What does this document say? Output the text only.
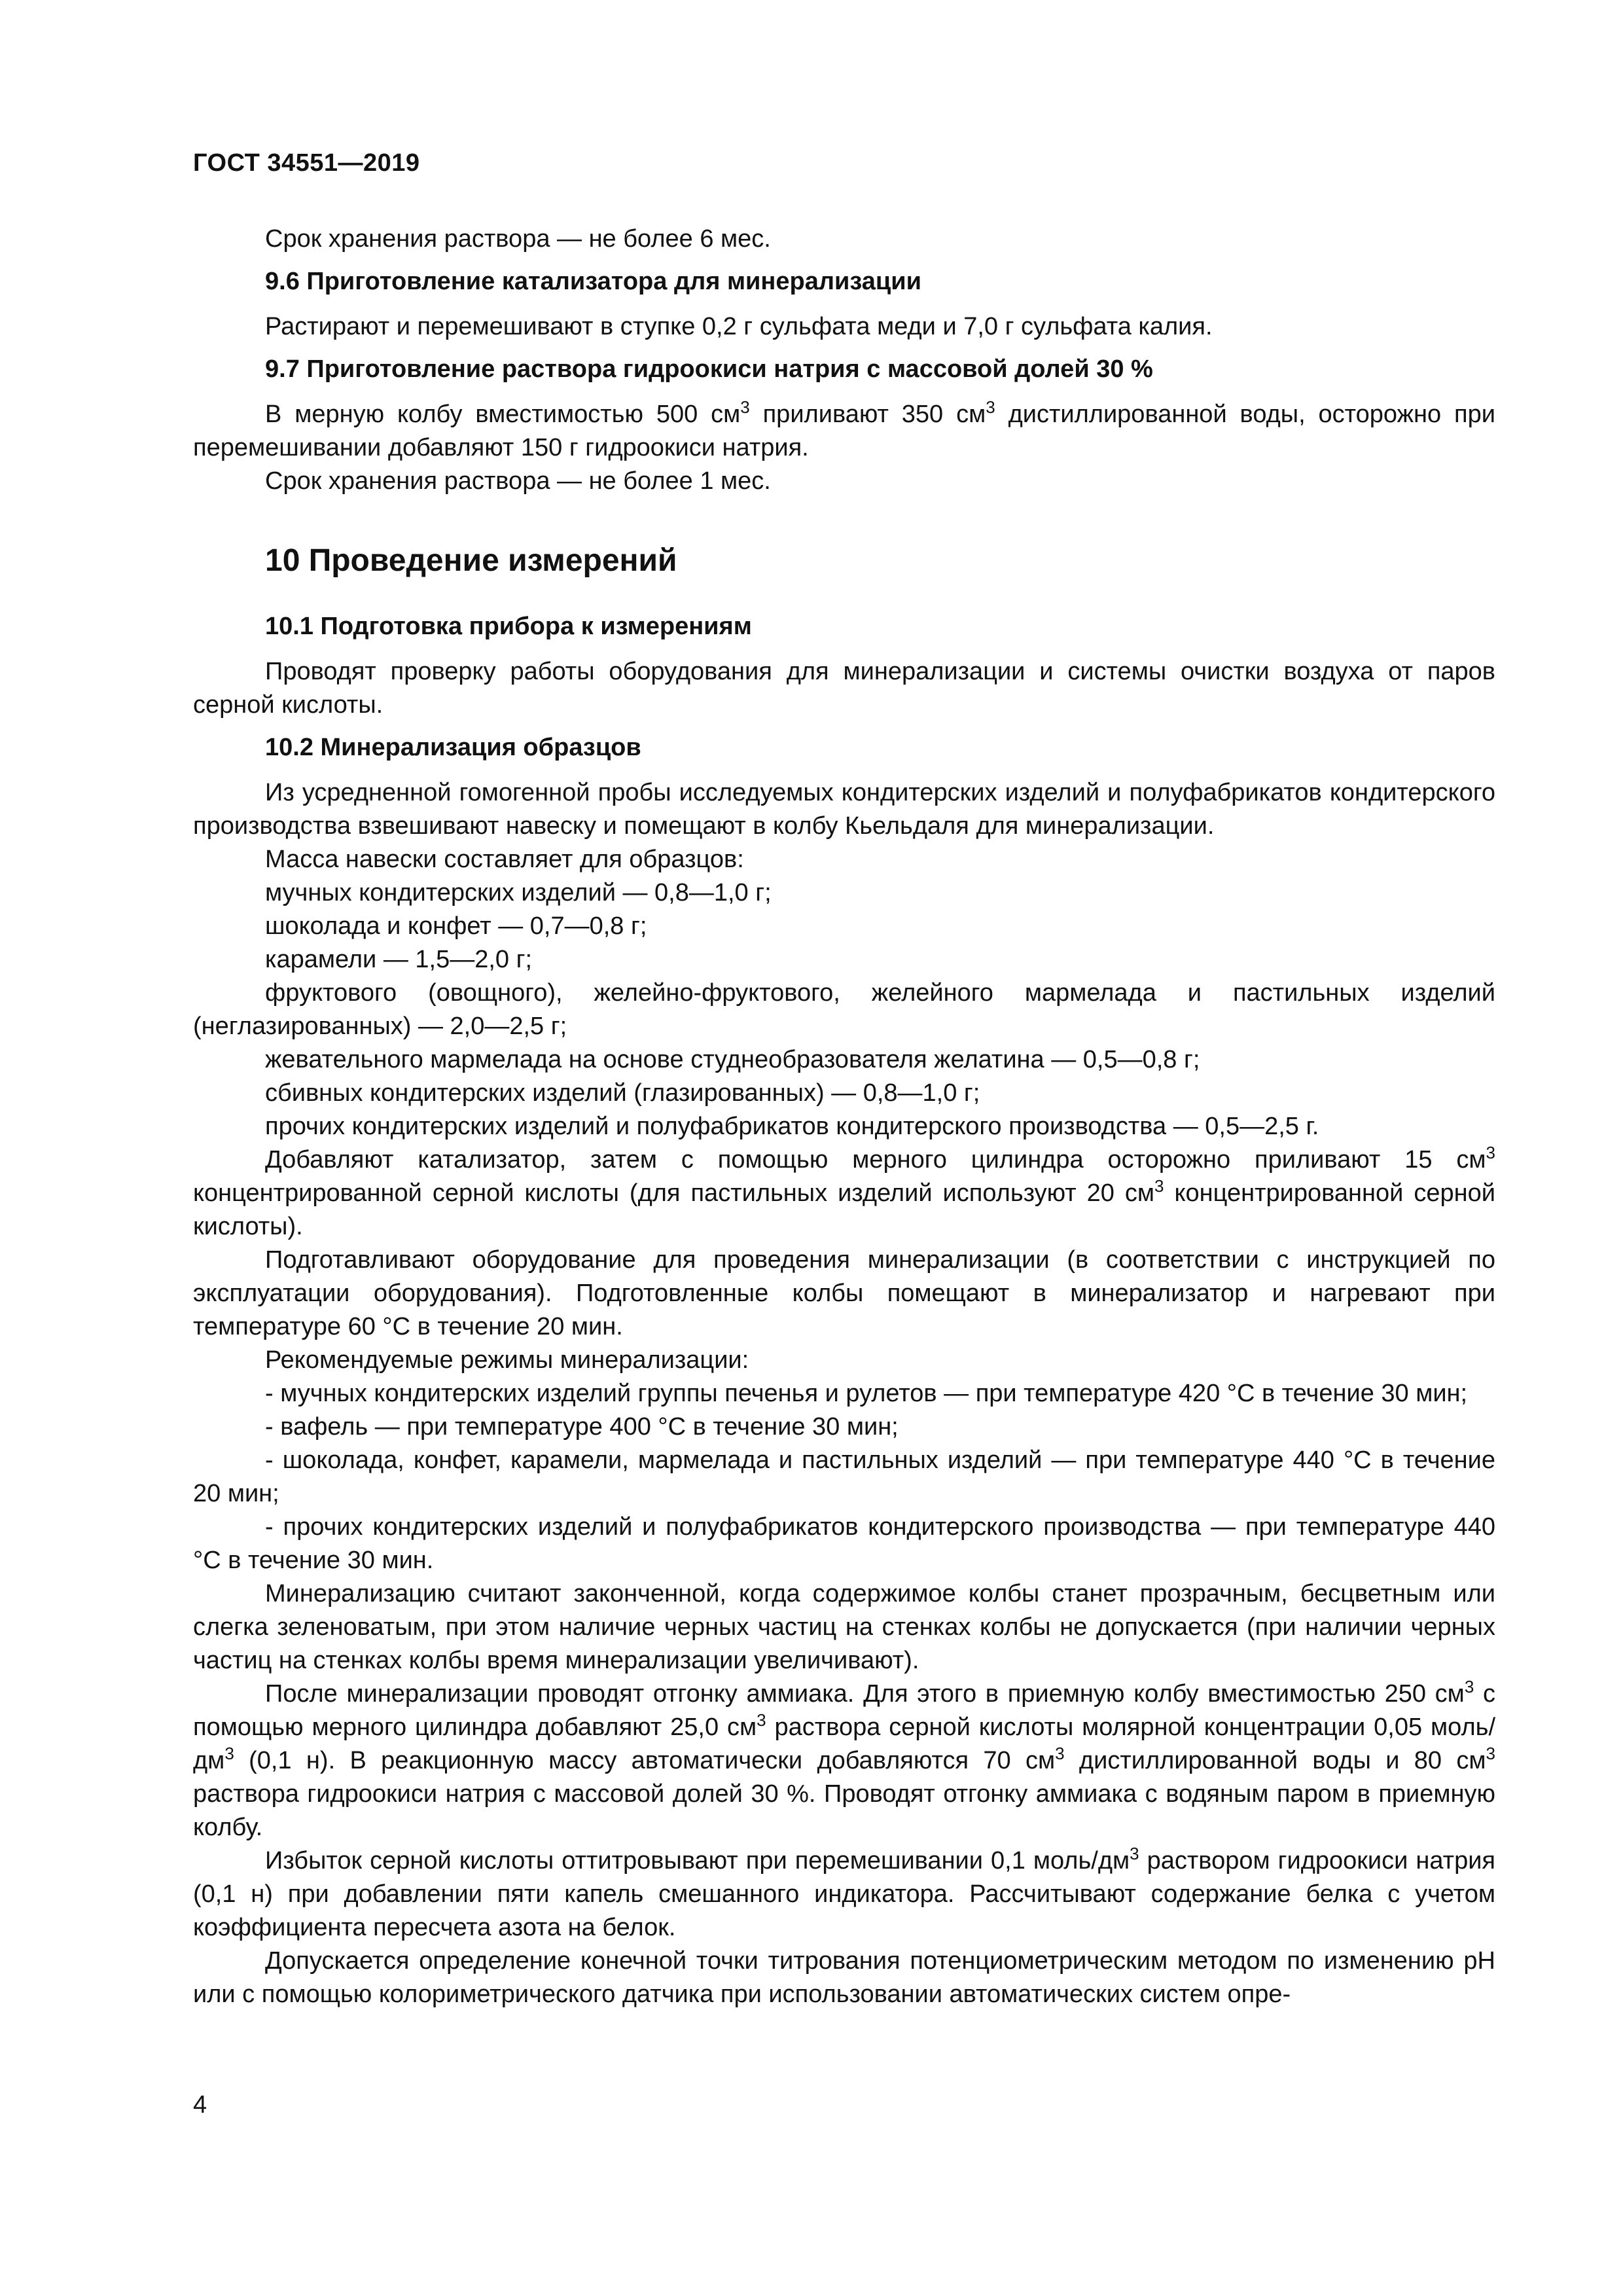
ГОСТ 34551—2019

Срок хранения раствора — не более 6 мес.

9.6 Приготовление катализатора для минерализации

Растирают и перемешивают в ступке 0,2 г сульфата меди и 7,0 г сульфата калия.

9.7 Приготовление раствора гидроокиси натрия с массовой долей 30 %

В мерную колбу вместимостью 500 $см^3$ приливают 350 $см^3$ дистиллированной воды, осторожно при перемешивании добавляют 150 г гидроокиси натрия.

Срок хранения раствора — не более 1 мес.

10 Проведение измерений

10.1 Подготовка прибора к измерениям

Проводят проверку работы оборудования для минерализации и системы очистки воздуха от паров серной кислоты.

10.2 Минерализация образцов

Из усредненной гомогенной пробы исследуемых кондитерских изделий и полуфабрикатов кондитерского производства взвешивают навеску и помещают в колбу Кьельдаля для минерализации.

Масса навески составляет для образцов:

мучных кондитерских изделий — 0,8—1,0 г;

шоколада и конфет — 0,7—0,8 г;

карамели — 1,5—2,0 г;

фруктового (овощного), желейно-фруктового, желейного мармелада и пастильных изделий (неглазированных) — 2,0—2,5 г;

жевательного мармелада на основе студнеобразователя желатина — 0,5—0,8 г;

сбивных кондитерских изделий (глазированных) — 0,8—1,0 г;

прочих кондитерских изделий и полуфабрикатов кондитерского производства — 0,5—2,5 г.

Добавляют катализатор, затем с помощью мерного цилиндра осторожно приливают 15 $см^3$ концентрированной серной кислоты (для пастильных изделий используют 20 $см^3$ концентрированной серной кислоты).

Подготавливают оборудование для проведения минерализации (в соответствии с инструкцией по эксплуатации оборудования). Подготовленные колбы помещают в минерализатор и нагревают при температуре 60 °С в течение 20 мин.

Рекомендуемые режимы минерализации:

- мучных кондитерских изделий группы печенья и рулетов — при температуре 420 °С в течение 30 мин;

- вафель — при температуре 400 °С в течение 30 мин;

- шоколада, конфет, карамели, мармелада и пастильных изделий — при температуре 440 °С в течение 20 мин;

- прочих кондитерских изделий и полуфабрикатов кондитерского производства — при температуре 440 °С в течение 30 мин.

Минерализацию считают законченной, когда содержимое колбы станет прозрачным, бесцветным или слегка зеленоватым, при этом наличие черных частиц на стенках колбы не допускается (при наличии черных частиц на стенках колбы время минерализации увеличивают).

После минерализации проводят отгонку аммиака. Для этого в приемную колбу вместимостью 250 $см^3$ с помощью мерного цилиндра добавляют 25,0 $см^3$ раствора серной кислоты молярной концентрации 0,05 моль/$дм^3$ (0,1 н). В реакционную массу автоматически добавляются 70 $см^3$ дистиллированной воды и 80 $см^3$ раствора гидроокиси натрия с массовой долей 30 %. Проводят отгонку аммиака с водяным паром в приемную колбу.

Избыток серной кислоты оттитровывают при перемешивании 0,1 моль/$дм^3$ раствором гидроокиси натрия (0,1 н) при добавлении пяти капель смешанного индикатора. Рассчитывают содержание белка с учетом коэффициента пересчета азота на белок.

Допускается определение конечной точки титрования потенциометрическим методом по изменению pH или с помощью колориметрического датчика при использовании автоматических систем опре-

4
